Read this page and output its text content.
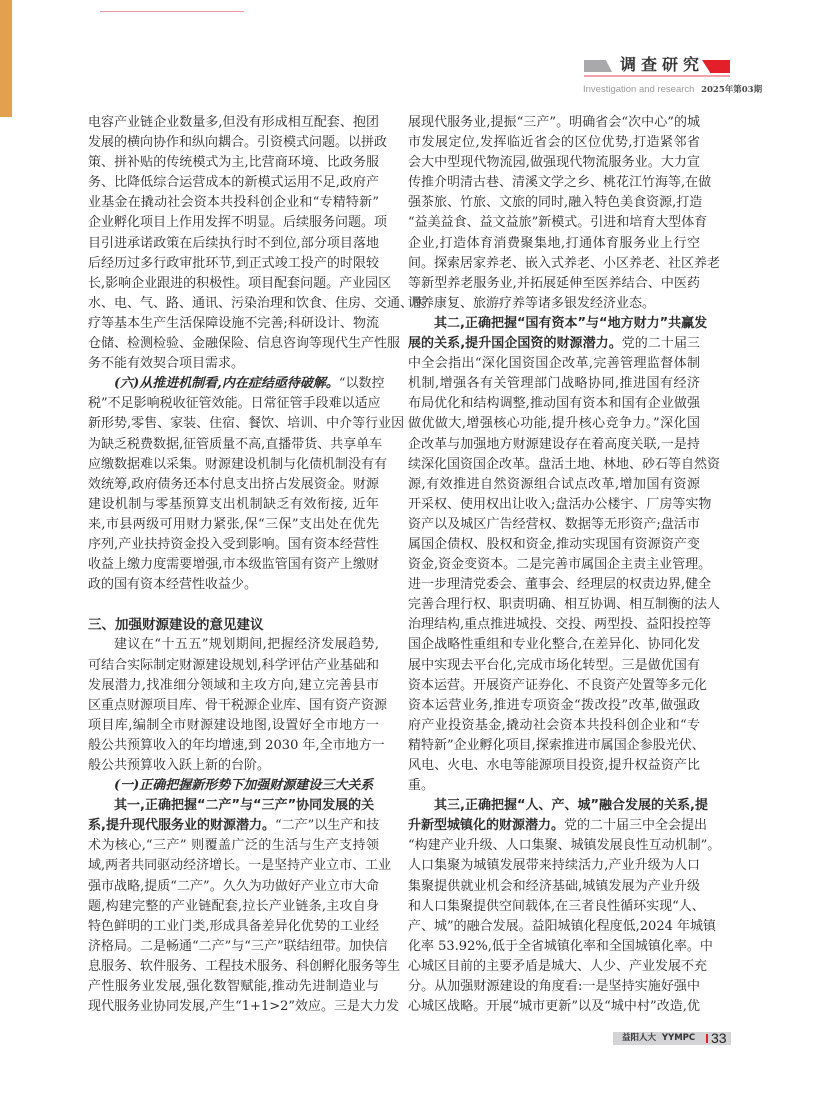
调查研究
Investigation and research 2025年第03期
电容产业链企业数量多,但没有形成相互配套、抱团
发展的横向协作和纵向耦合。引资模式问题。以拼政
策、拼补贴的传统模式为主,比营商环境、比政务服
务、比降低综合运营成本的新模式运用不足,政府产
业基金在撬动社会资本共投科创企业和“专精特新”
企业孵化项目上作用发挥不明显。后续服务问题。项
目引进承诺政策在后续执行时不到位,部分项目落地
后经历过多行政审批环节,到正式竣工投产的时限较
长,影响企业跟进的积极性。项目配套问题。产业园区
水、电、气、路、通讯、污染治理和饮食、住房、交通、医
疗等基本生产生活保障设施不完善;科研设计、物流
仓储、检测检验、金融保险、信息咨询等现代生产性服
务不能有效契合项目需求。
(六)从推进机制看,内在症结亟待破解。“以数控
税”不足影响税收征管效能。日常征管手段难以适应
新形势,零售、家装、住宿、餐饮、培训、中介等行业因
为缺乏税费数据,征管质量不高,直播带货、共享单车
应缴数据难以采集。财源建设机制与化债机制没有有
效统筹,政府债务还本付息支出挤占发展资金。财源
建设机制与零基预算支出机制缺乏有效衔接, 近年
来,市县两级可用财力紧张,保“三保”支出处在优先
序列,产业扶持资金投入受到影响。国有资本经营性
收益上缴力度需要增强,市本级监管国有资产上缴财
政的国有资本经营性收益少。
三、加强财源建设的意见建议
建议在“十五五”规划期间,把握经济发展趋势,
可结合实际制定财源建设规划,科学评估产业基础和
发展潜力,找准细分领域和主攻方向,建立完善县市
区重点财源项目库、骨干税源企业库、国有资产资源
项目库,编制全市财源建设地图,设置好全市地方一
般公共预算收入的年均增速,到 2030 年,全市地方一
般公共预算收入跃上新的台阶。
(一)正确把握新形势下加强财源建设三大关系
其一,正确把握“二产”与“三产”协同发展的关
系,提升现代服务业的财源潜力。“二产”以生产和技
术为核心,“三产” 则覆盖广泛的生活与生产支持领
域,两者共同驱动经济增长。一是坚持产业立市、工业
强市战略,提质“二产”。久久为功做好产业立市大命
题,构建完整的产业链配套,拉长产业链条,主攻自身
特色鲜明的工业门类,形成具备差异化优势的工业经
济格局。二是畅通“二产”与“三产”联结纽带。加快信
息服务、软件服务、工程技术服务、科创孵化服务等生
产性服务业发展,强化数智赋能,推动先进制造业与
现代服务业协同发展,产生“1+1>2”效应。三是大力发
展现代服务业,提振“三产”。明确省会“次中心”的城
市发展定位,发挥临近省会的区位优势,打造紧邻省
会大中型现代物流园,做强现代物流服务业。大力宣
传推介明清古巷、清溪文学之乡、桃花江竹海等,在做
强茶旅、竹旅、文旅的同时,融入特色美食资源,打造
“益美益食、益文益旅”新模式。引进和培育大型体育
企业,打造体育消费聚集地,打通体育服务业上行空
间。探索居家养老、嵌入式养老、小区养老、社区养老
等新型养老服务业,并拓展延伸至医养结合、中医药
调养康复、旅游疗养等诸多银发经济业态。
其二,正确把握“国有资本”与“地方财力”共赢发
展的关系,提升国企国资的财源潜力。党的二十届三
中全会指出“深化国资国企改革,完善管理监督体制
机制,增强各有关管理部门战略协同,推进国有经济
布局优化和结构调整,推动国有资本和国有企业做强
做优做大,增强核心功能,提升核心竞争力。”深化国
企改革与加强地方财源建设存在着高度关联,一是持
续深化国资国企改革。盘活土地、林地、砂石等自然资
源,有效推进自然资源组合试点改革,增加国有资源
开采权、使用权出让收入;盘活办公楼宇、厂房等实物
资产以及城区广告经营权、数据等无形资产;盘活市
属国企债权、股权和资金,推动实现国有资源资产变
资金,资金变资本。二是完善市属国企主责主业管理。
进一步理清党委会、董事会、经理层的权责边界,健全
完善合理行权、职责明确、相互协调、相互制衡的法人
治理结构,重点推进城投、交投、两型投、益阳投控等
国企战略性重组和专业化整合,在差异化、协同化发
展中实现去平台化,完成市场化转型。三是做优国有
资本运营。开展资产证券化、不良资产处置等多元化
资本运营业务,推进专项资金“拨改投”改革,做强政
府产业投资基金,撬动社会资本共投科创企业和“专
精特新”企业孵化项目,探索推进市属国企参股光伏、
风电、火电、水电等能源项目投资,提升权益资产比
重。
其三,正确把握“人、产、城”融合发展的关系,提
升新型城镇化的财源潜力。党的二十届三中全会提出
“构建产业升级、人口集聚、城镇发展良性互动机制”。
人口集聚为城镇发展带来持续活力,产业升级为人口
集聚提供就业机会和经济基础,城镇发展为产业升级
和人口集聚提供空间载体,在三者良性循环实现“人、
产、城”的融合发展。益阳城镇化程度低,2024 年城镇
化率 53.92%,低于全省城镇化率和全国城镇化率。中
心城区目前的主要矛盾是城大、人少、产业发展不充
分。从加强财源建设的角度看:一是坚持实施好强中
心城区战略。开展“城市更新”以及“城中村”改造,优
益阳人大  YYMPC 33
